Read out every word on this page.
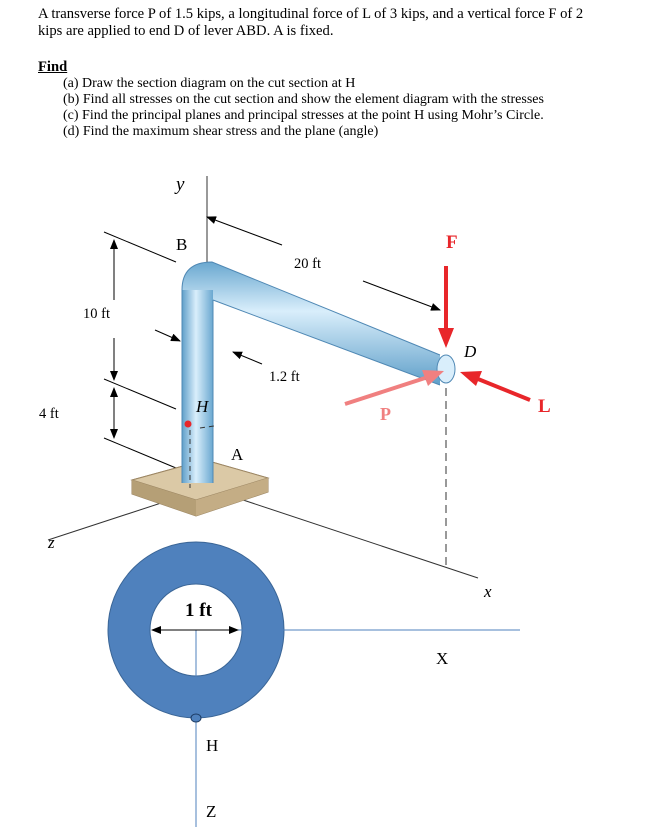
A transverse force P of 1.5 kips, a longitudinal force of L of 3 kips, and a vertical force F of 2

kips are applied to end D of lever ABD. A is fixed.

Find
(a) Draw the section diagram on the cut section at H
(b) Find all stresses on the cut section and show the element diagram with the stresses
(c) Find the principal planes and principal stresses at the point H using Mohr’s Circle.
(d) Find the maximum shear stress and the plane (angle)
y
B	F
D
L
P
H
A
x
z
20 ft
10 ft
4 ft
1.2 ft
1 ft
X
H
Z
